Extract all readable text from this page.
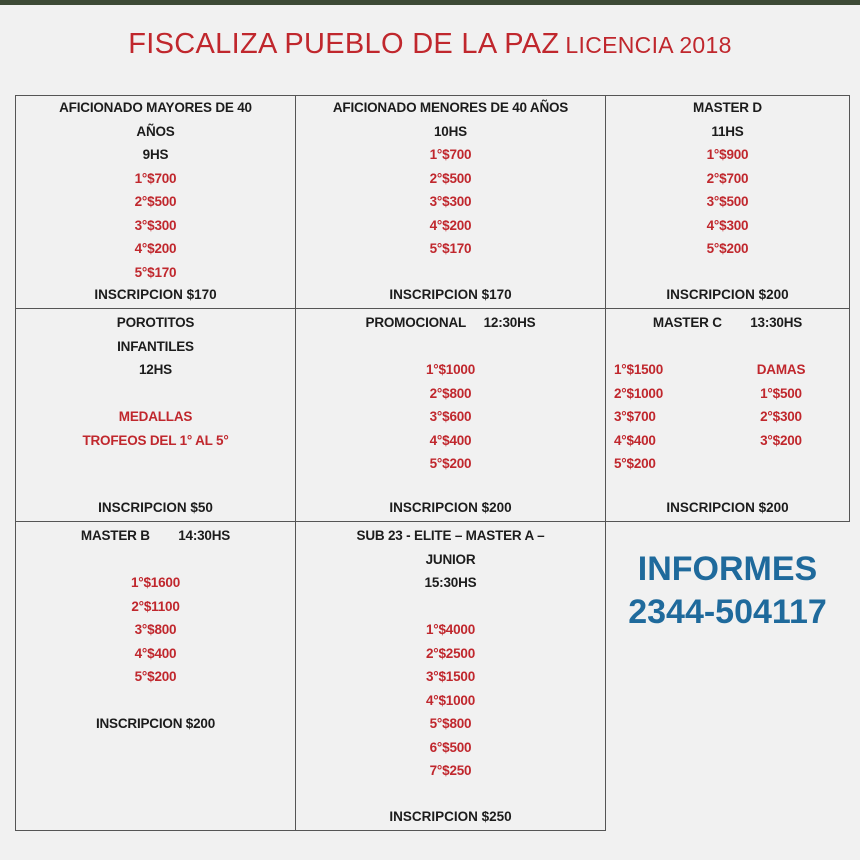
FISCALIZA PUEBLO DE LA PAZ LICENCIA 2018
AFICIONADO MAYORES DE 40
AÑOS
9HS
1°$700
2°$500
3°$300
4°$200
5°$170
INSCRIPCION $170
AFICIONADO MENORES DE 40 AÑOS
10HS
1°$700
2°$500
3°$300
4°$200
5°$170
INSCRIPCION $170
MASTER D
11HS
1°$900
2°$700
3°$500
4°$300
5°$200
INSCRIPCION $200
POROTITOS
INFANTILES
12HS
MEDALLAS
TROFEOS DEL 1° AL 5°
INSCRIPCION $50
PROMOCIONAL     12:30HS
1°$1000
2°$800
3°$600
4°$400
5°$200
INSCRIPCION $200
MASTER C        13:30HS
1°$1500	DAMAS
2°$1000	1°$500
3°$700	2°$300
4°$400	3°$200
5°$200
INSCRIPCION $200
MASTER B        14:30HS
1°$1600
2°$1100
3°$800
4°$400
5°$200
INSCRIPCION $200
SUB 23 - ELITE – MASTER A –
JUNIOR
15:30HS
1°$4000
2°$2500
3°$1500
4°$1000
5°$800
6°$500
7°$250
INSCRIPCION $250
INFORMES
2344-504117
